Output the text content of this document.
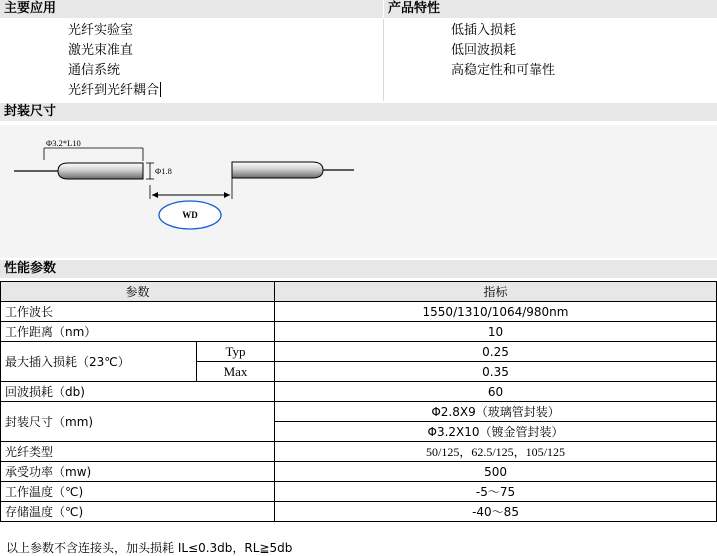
主要应用	产品特性
光纤实验室
激光束准直
通信系统
光纤到光纤耦合
低插入损耗
低回波损耗
高稳定性和可靠性
封装尺寸
Φ3.2*L10
Φ1.8
WD
性能参数
参数		指标
工作波长		1550/1310/1064/980nm
工作距离（nm）		10
最大插入损耗（23℃）	Typ	0.25
	Max	0.35
回波损耗（db)		60
封装尺寸（mm)		Φ2.8X9（玻璃管封装）
		Φ3.2X10（镀金管封装）
光纤类型		50/125，62.5/125，105/125
承受功率（mw)		500
工作温度（℃)		-5～75
存储温度（℃)		-40～85
以上参数不含连接头，加头损耗 IL≤0.3db，RL≧5db
